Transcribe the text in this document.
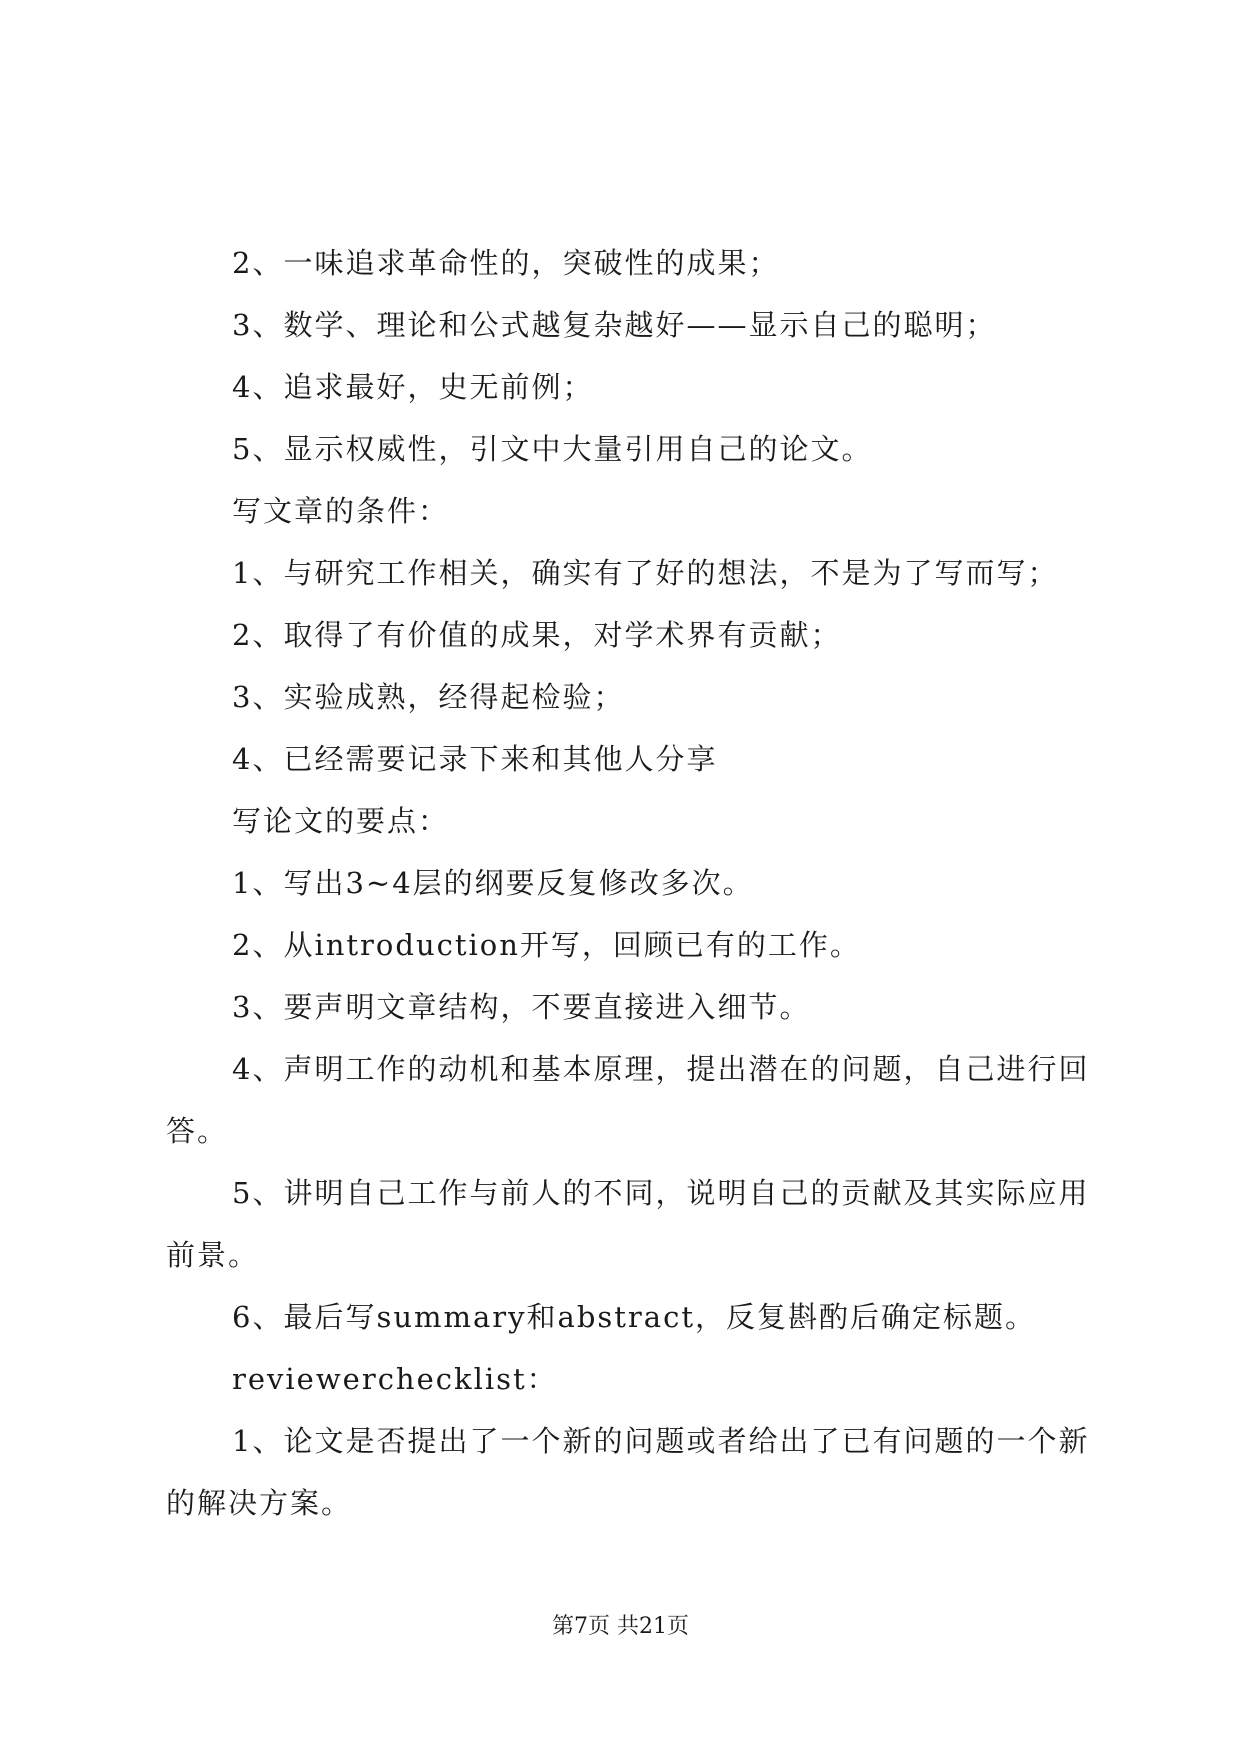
2、一味追求革命性的，突破性的成果；

3、数学、理论和公式越复杂越好——显示自己的聪明；

4、追求最好，史无前例；

5、显示权威性，引文中大量引用自己的论文。

写文章的条件：

1、与研究工作相关，确实有了好的想法，不是为了写而写；

2、取得了有价值的成果，对学术界有贡献；

3、实验成熟，经得起检验；

4、已经需要记录下来和其他人分享

写论文的要点：

1、写出3~4层的纲要反复修改多次。

2、从introduction开写，回顾已有的工作。

3、要声明文章结构，不要直接进入细节。

4、声明工作的动机和基本原理，提出潜在的问题，自己进行回答。

5、讲明自己工作与前人的不同，说明自己的贡献及其实际应用前景。

6、最后写summary和abstract，反复斟酌后确定标题。

reviewerchecklist：

1、论文是否提出了一个新的问题或者给出了已有问题的一个新的解决方案。

第7页 共21页
